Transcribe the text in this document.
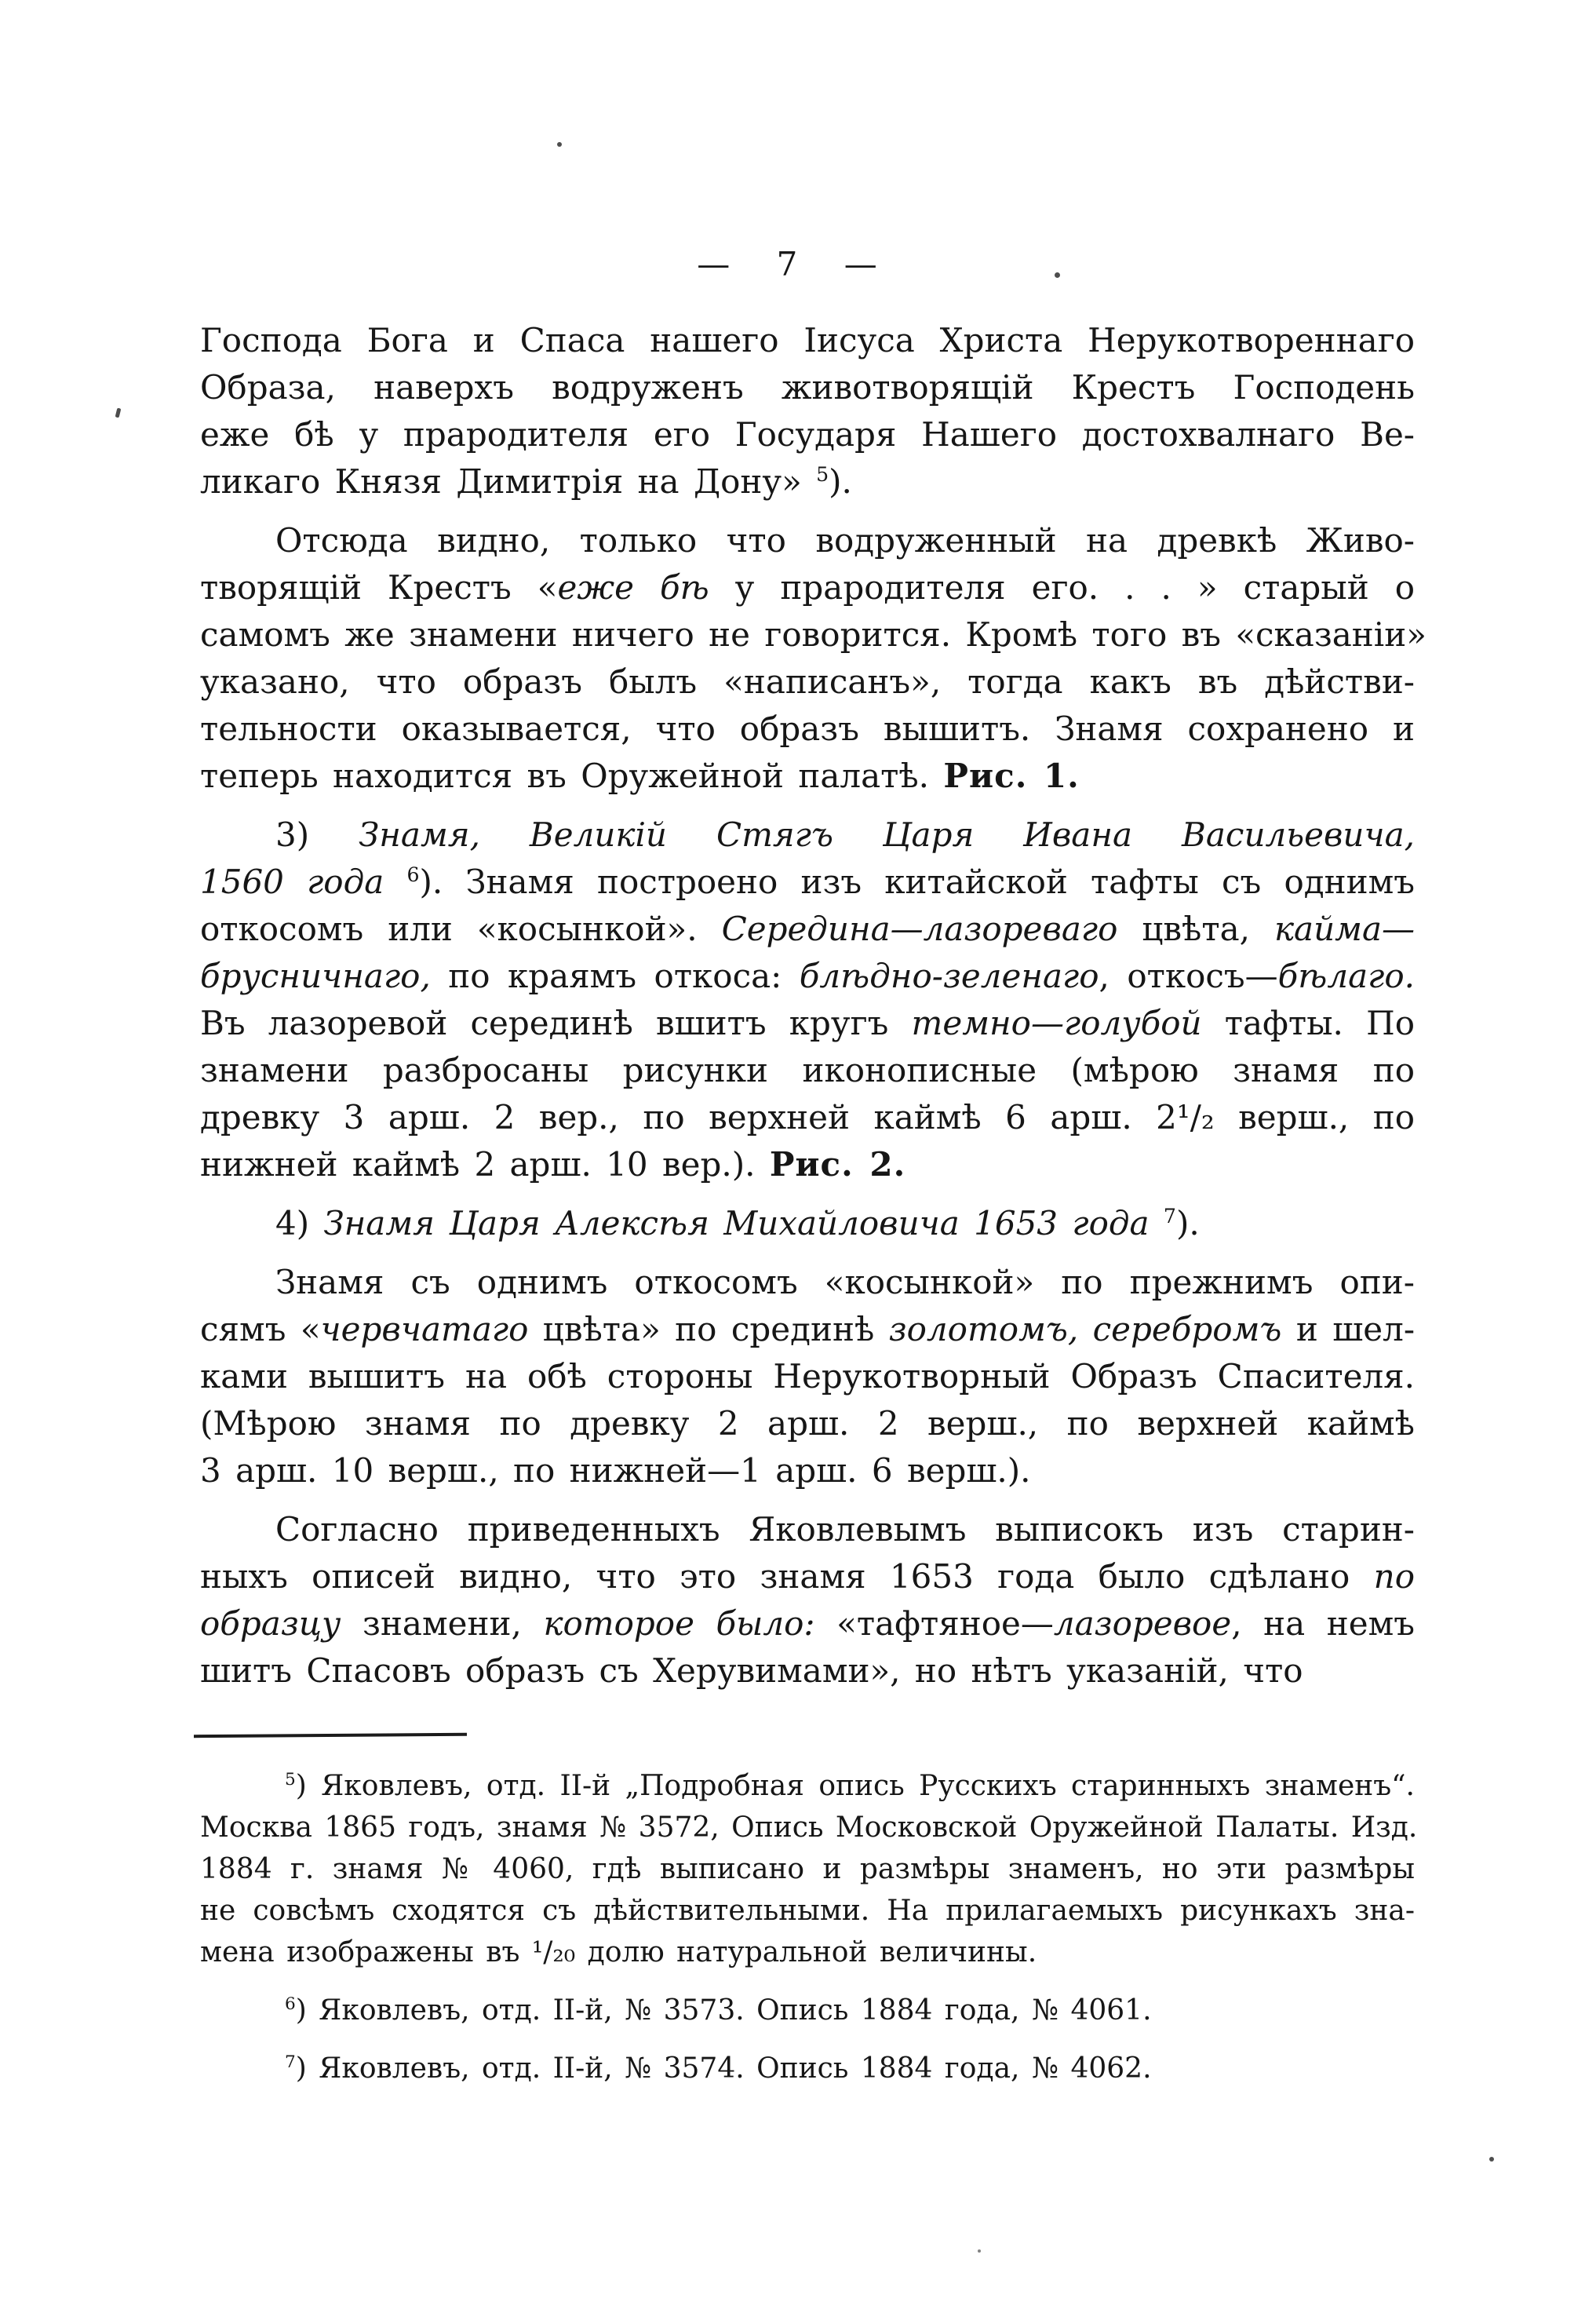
— 7 —
Господа Бога и Спаса нашего Іисуса Христа Нерукотвореннаго
Образа, наверхъ водруженъ животворящій Крестъ Господень
еже бѣ у прародителя его Государя Нашего достохвалнаго Ве-
ликаго Князя Димитрія на Дону» $^5$).
Отсюда видно, только что водруженный на древкѣ Живо-
творящій Крестъ «еже бѣ у прародителя его. . . » старый о
самомъ же знамени ничего не говорится. Кромѣ того въ «сказаніи»
указано, что образъ былъ «написанъ», тогда какъ въ дѣйстви-
тельности оказывается, что образъ вышитъ. Знамя сохранено и
теперь находится въ Оружейной палатѣ. Рис. 1.
3) Знамя, Великій Стягъ Царя Ивана Васильевича,
1560 года $^6$). Знамя построено изъ китайской тафты съ однимъ
откосомъ или «косынкой». Середина—лазореваго цвѣта, кайма—
брусничнаго, по краямъ откоса: блѣдно-зеленаго, откосъ—бѣлаго.
Въ лазоревой серединѣ вшитъ кругъ темно—голубой тафты. По
знамени разбросаны рисунки иконописные (мѣрою знамя по
древку 3 арш. 2 вер., по верхней каймѣ 6 арш. 2¹/₂ верш., по
нижней каймѣ 2 арш. 10 вер.). Рис. 2.
4) Знамя Царя Алексѣя Михайловича 1653 года $^7$).
Знамя съ однимъ откосомъ «косынкой» по прежнимъ опи-
сямъ «червчатаго цвѣта» по срединѣ золотомъ, серебромъ и шел-
ками вышитъ на обѣ стороны Нерукотворный Образъ Спасителя.
(Мѣрою знамя по древку 2 арш. 2 верш., по верхней каймѣ
3 арш. 10 верш., по нижней—1 арш. 6 верш.).
Согласно приведенныхъ Яковлевымъ выписокъ изъ старин-
ныхъ описей видно, что это знамя 1653 года было сдѣлано по
образцу знамени, которое было: «тафтяное—лазоревое, на немъ
шитъ Спасовъ образъ съ Херувимами», но нѣтъ указаній, что
$^5$) Яковлевъ, отд. II-й „Подробная опись Русскихъ старинныхъ знаменъ“.
Москва 1865 годъ, знамя № 3572, Опись Московской Оружейной Палаты. Изд.
1884 г. знамя № 4060, гдѣ выписано и размѣры знаменъ, но эти размѣры
не совсѣмъ сходятся съ дѣйствительными. На прилагаемыхъ рисункахъ зна-
мена изображены въ ¹/₂₀ долю натуральной величины.
$^6$) Яковлевъ, отд. II-й, № 3573. Опись 1884 года, № 4061.
$^7$) Яковлевъ, отд. II-й, № 3574. Опись 1884 года, № 4062.
